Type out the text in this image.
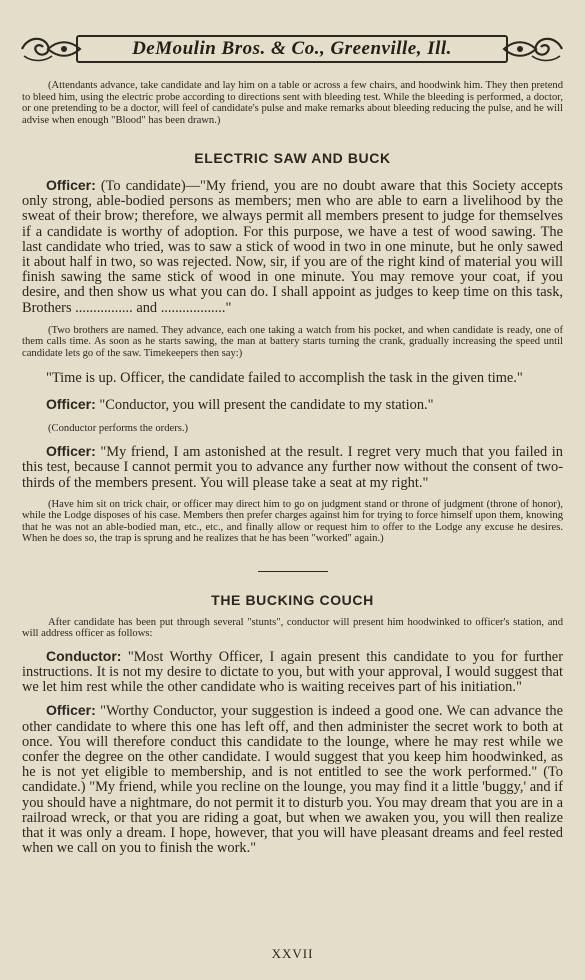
DeMoulin Bros. & Co., Greenville, Ill.

(Attendants advance, take candidate and lay him on a table or across a few chairs, and hoodwink him. They then pretend to bleed him, using the electric probe according to directions sent with bleeding test. While the bleeding is performed, a doctor, or one pretending to be a doctor, will feel of candidate's pulse and make remarks about bleeding reducing the pulse, and he will advise when enough "Blood" has been drawn.)

ELECTRIC SAW AND BUCK

Officer: (To candidate)—"My friend, you are no doubt aware that this Society accepts only strong, able-bodied persons as members; men who are able to earn a livelihood by the sweat of their brow; therefore, we always permit all members present to judge for themselves if a candidate is worthy of adoption. For this purpose, we have a test of wood sawing. The last candidate who tried, was to saw a stick of wood in two in one minute, but he only sawed it about half in two, so was rejected. Now, sir, if you are of the right kind of material you will finish sawing the same stick of wood in one minute. You may remove your coat, if you desire, and then show us what you can do. I shall appoint as judges to keep time on this task, Brothers ................ and .................."

(Two brothers are named. They advance, each one taking a watch from his pocket, and when candidate is ready, one of them calls time. As soon as he starts sawing, the man at battery starts turning the crank, gradually increasing the speed until candidate lets go of the saw. Timekeepers then say:)

"Time is up. Officer, the candidate failed to accomplish the task in the given time."

Officer: "Conductor, you will present the candidate to my station."

(Conductor performs the orders.)

Officer: "My friend, I am astonished at the result. I regret very much that you failed in this test, because I cannot permit you to advance any further now without the consent of two-thirds of the members present. You will please take a seat at my right."

(Have him sit on trick chair, or officer may direct him to go on judgment stand or throne of judgment (throne of honor), while the Lodge disposes of his case. Members then prefer charges against him for trying to force himself upon them, knowing that he was not an able-bodied man, etc., etc., and finally allow or request him to offer to the Lodge any excuse he desires. When he does so, the trap is sprung and he realizes that he has been "worked" again.)

THE BUCKING COUCH

After candidate has been put through several "stunts", conductor will present him hoodwinked to officer's station, and will address officer as follows:

Conductor: "Most Worthy Officer, I again present this candidate to you for further instructions. It is not my desire to dictate to you, but with your approval, I would suggest that we let him rest while the other candidate who is waiting receives part of his initiation."

Officer: "Worthy Conductor, your suggestion is indeed a good one. We can advance the other candidate to where this one has left off, and then administer the secret work to both at once. You will therefore conduct this candidate to the lounge, where he may rest while we confer the degree on the other candidate. I would suggest that you keep him hoodwinked, as he is not yet eligible to membership, and is not entitled to see the work performed." (To candidate.) "My friend, while you recline on the lounge, you may find it a little 'buggy,' and if you should have a nightmare, do not permit it to disturb you. You may dream that you are in a railroad wreck, or that you are riding a goat, but when we awaken you, you will then realize that it was only a dream. I hope, however, that you will have pleasant dreams and feel rested when we call on you to finish the work."

XXVII
